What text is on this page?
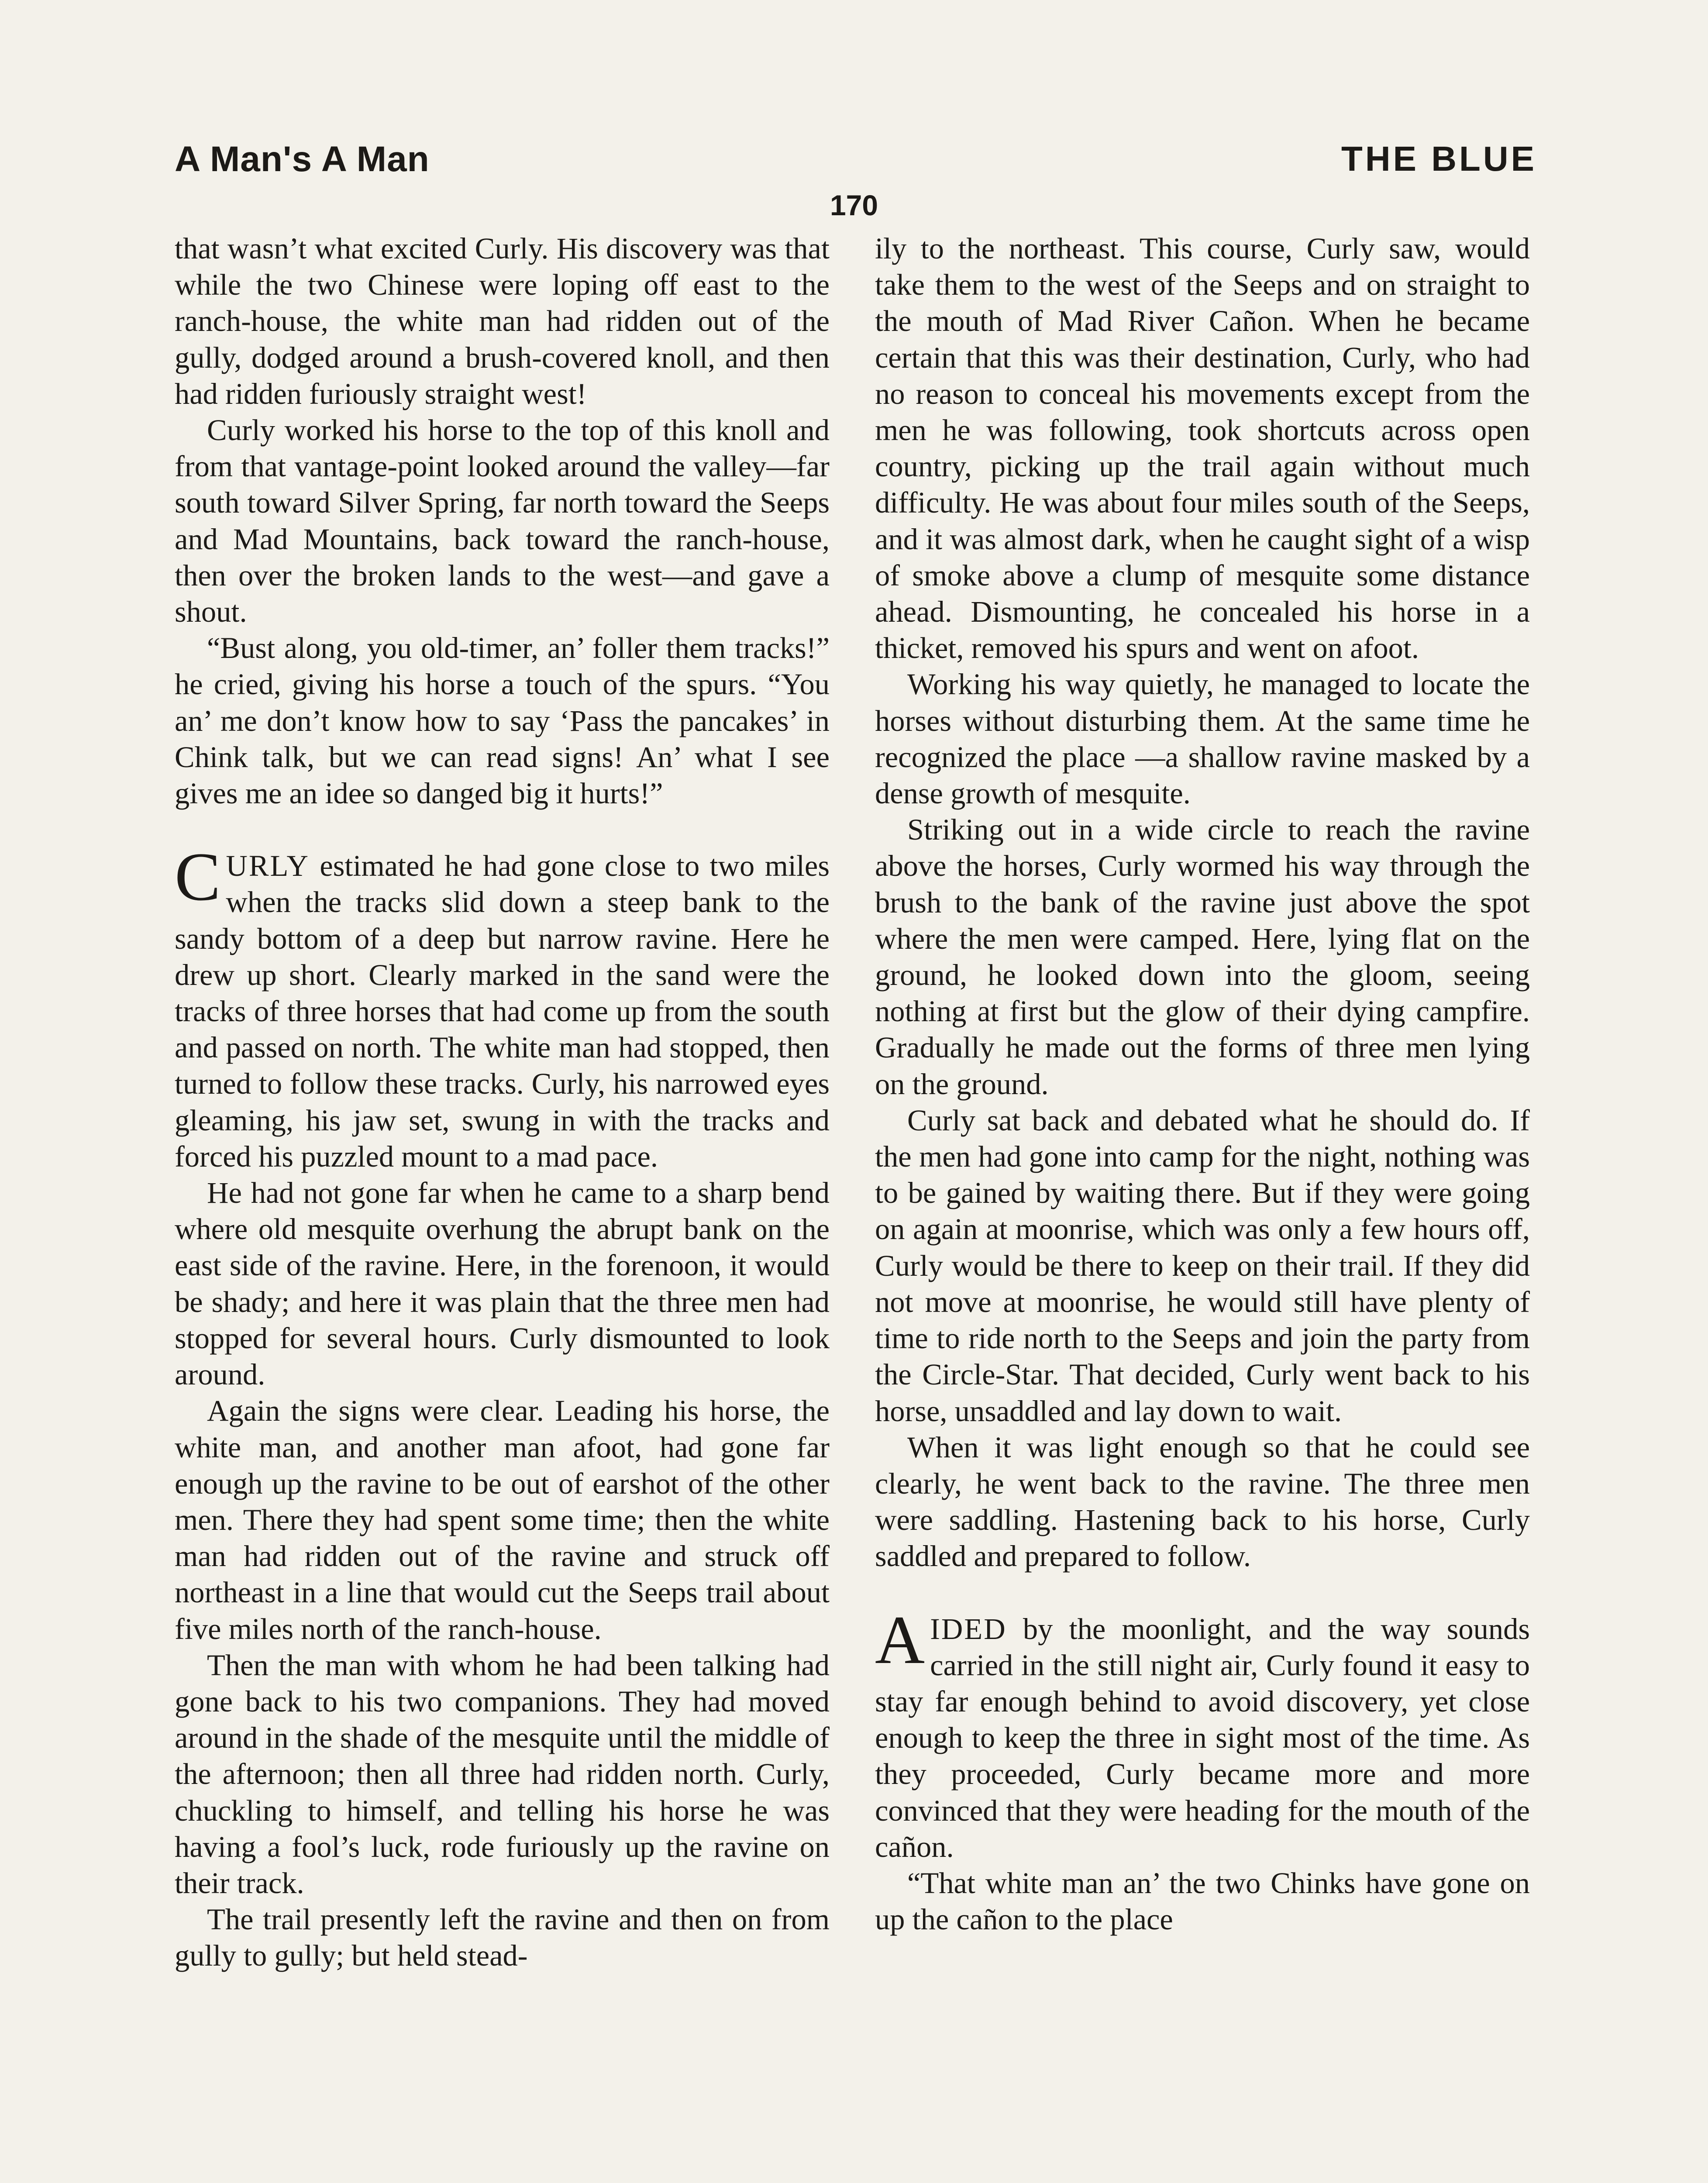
A Man's A Man	THE BLUE
170

that wasn’t what excited Curly. His discovery was that while the two Chinese were loping off east to the ranch-house, the white man had ridden out of the gully, dodged around a brush-covered knoll, and then had ridden furiously straight west!

Curly worked his horse to the top of this knoll and from that vantage-point looked around the valley—far south toward Silver Spring, far north toward the Seeps and Mad Mountains, back toward the ranch-house, then over the broken lands to the west—and gave a shout.

“Bust along, you old-timer, an’ foller them tracks!” he cried, giving his horse a touch of the spurs. “You an’ me don’t know how to say ‘Pass the pancakes’ in Chink talk, but we can read signs! An’ what I see gives me an idee so danged big it hurts!”

CURLY estimated he had gone close to two miles when the tracks slid down a steep bank to the sandy bottom of a deep but narrow ravine. Here he drew up short. Clearly marked in the sand were the tracks of three horses that had come up from the south and passed on north. The white man had stopped, then turned to follow these tracks. Curly, his narrowed eyes gleaming, his jaw set, swung in with the tracks and forced his puzzled mount to a mad pace.

He had not gone far when he came to a sharp bend where old mesquite overhung the abrupt bank on the east side of the ravine. Here, in the forenoon, it would be shady; and here it was plain that the three men had stopped for several hours. Curly dismounted to look around.

Again the signs were clear. Leading his horse, the white man, and another man afoot, had gone far enough up the ravine to be out of earshot of the other men. There they had spent some time; then the white man had ridden out of the ravine and struck off northeast in a line that would cut the Seeps trail about five miles north of the ranch-house.

Then the man with whom he had been talking had gone back to his two companions. They had moved around in the shade of the mesquite until the middle of the afternoon; then all three had ridden north. Curly, chuckling to himself, and telling his horse he was having a fool’s luck, rode furiously up the ravine on their track.

The trail presently left the ravine and then on from gully to gully; but held stead-

ily to the northeast. This course, Curly saw, would take them to the west of the Seeps and on straight to the mouth of Mad River Cañon. When he became certain that this was their destination, Curly, who had no reason to conceal his movements except from the men he was following, took shortcuts across open country, picking up the trail again without much difficulty. He was about four miles south of the Seeps, and it was almost dark, when he caught sight of a wisp of smoke above a clump of mesquite some distance ahead. Dismounting, he concealed his horse in a thicket, removed his spurs and went on afoot.

Working his way quietly, he managed to locate the horses without disturbing them. At the same time he recognized the place —a shallow ravine masked by a dense growth of mesquite.

Striking out in a wide circle to reach the ravine above the horses, Curly wormed his way through the brush to the bank of the ravine just above the spot where the men were camped. Here, lying flat on the ground, he looked down into the gloom, seeing nothing at first but the glow of their dying campfire. Gradually he made out the forms of three men lying on the ground.

Curly sat back and debated what he should do. If the men had gone into camp for the night, nothing was to be gained by waiting there. But if they were going on again at moonrise, which was only a few hours off, Curly would be there to keep on their trail. If they did not move at moonrise, he would still have plenty of time to ride north to the Seeps and join the party from the Circle-Star. That decided, Curly went back to his horse, unsaddled and lay down to wait.

When it was light enough so that he could see clearly, he went back to the ravine. The three men were saddling. Hastening back to his horse, Curly saddled and prepared to follow.

AIDED by the moonlight, and the way sounds carried in the still night air, Curly found it easy to stay far enough behind to avoid discovery, yet close enough to keep the three in sight most of the time. As they proceeded, Curly became more and more convinced that they were heading for the mouth of the cañon.

“That white man an’ the two Chinks have gone on up the cañon to the place
